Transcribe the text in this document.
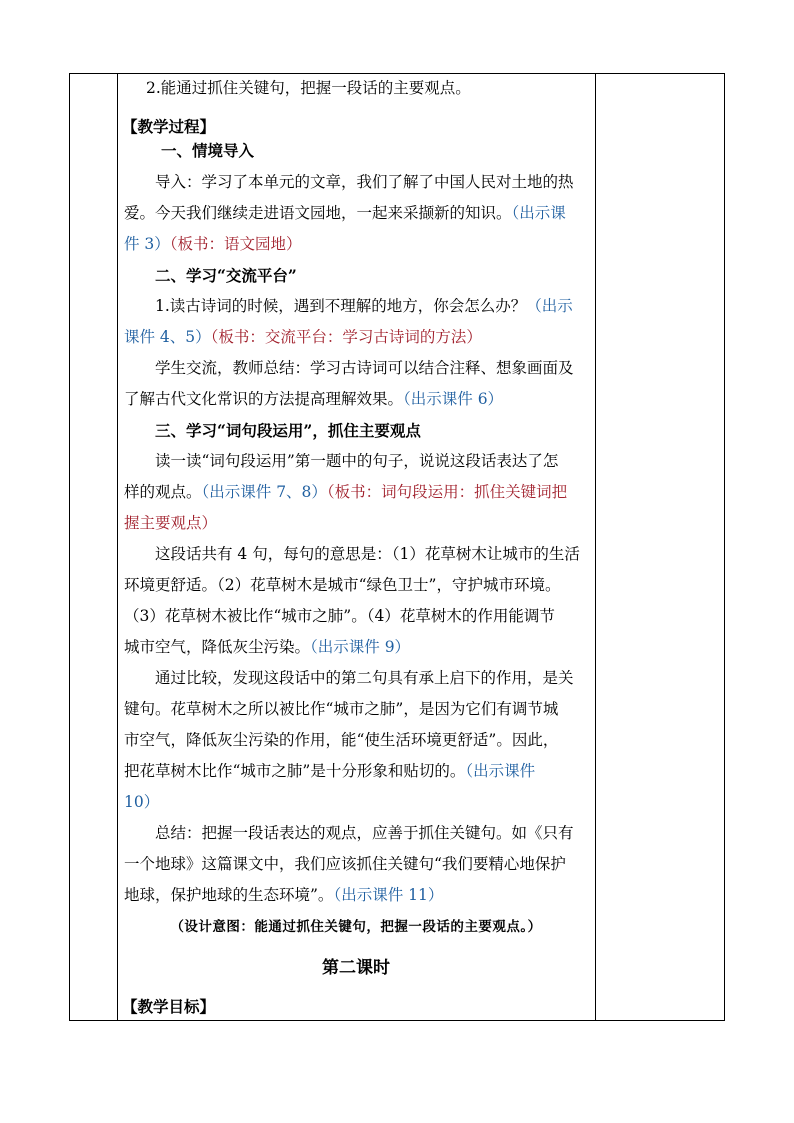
2.能通过抓住关键句，把握一段话的主要观点。
【教学过程】
一、情境导入
导入：学习了本单元的文章，我们了解了中国人民对土地的热
爱。今天我们继续走进语文园地，一起来采撷新的知识。（出示课
件 3）（板书：语文园地）
二、学习“交流平台”
1.读古诗词的时候，遇到不理解的地方，你会怎么办？（出示
课件 4、5）（板书：交流平台：学习古诗词的方法）
学生交流，教师总结：学习古诗词可以结合注释、想象画面及
了解古代文化常识的方法提高理解效果。（出示课件 6）
三、学习“词句段运用”，抓住主要观点
读一读“词句段运用”第一题中的句子，说说这段话表达了怎
样的观点。（出示课件 7、8）（板书：词句段运用：抓住关键词把
握主要观点）
这段话共有 4 句，每句的意思是：（1）花草树木让城市的生活
环境更舒适。（2）花草树木是城市“绿色卫士”，守护城市环境。
（3）花草树木被比作“城市之肺”。（4）花草树木的作用能调节
城市空气，降低灰尘污染。（出示课件 9）
通过比较，发现这段话中的第二句具有承上启下的作用，是关
键句。花草树木之所以被比作“城市之肺”，是因为它们有调节城
市空气，降低灰尘污染的作用，能“使生活环境更舒适”。因此，
把花草树木比作“城市之肺”是十分形象和贴切的。（出示课件
10）
总结：把握一段话表达的观点，应善于抓住关键句。如《只有
一个地球》这篇课文中，我们应该抓住关键句“我们要精心地保护
地球，保护地球的生态环境”。（出示课件 11）
（设计意图：能通过抓住关键句，把握一段话的主要观点。）
第二课时
【教学目标】
